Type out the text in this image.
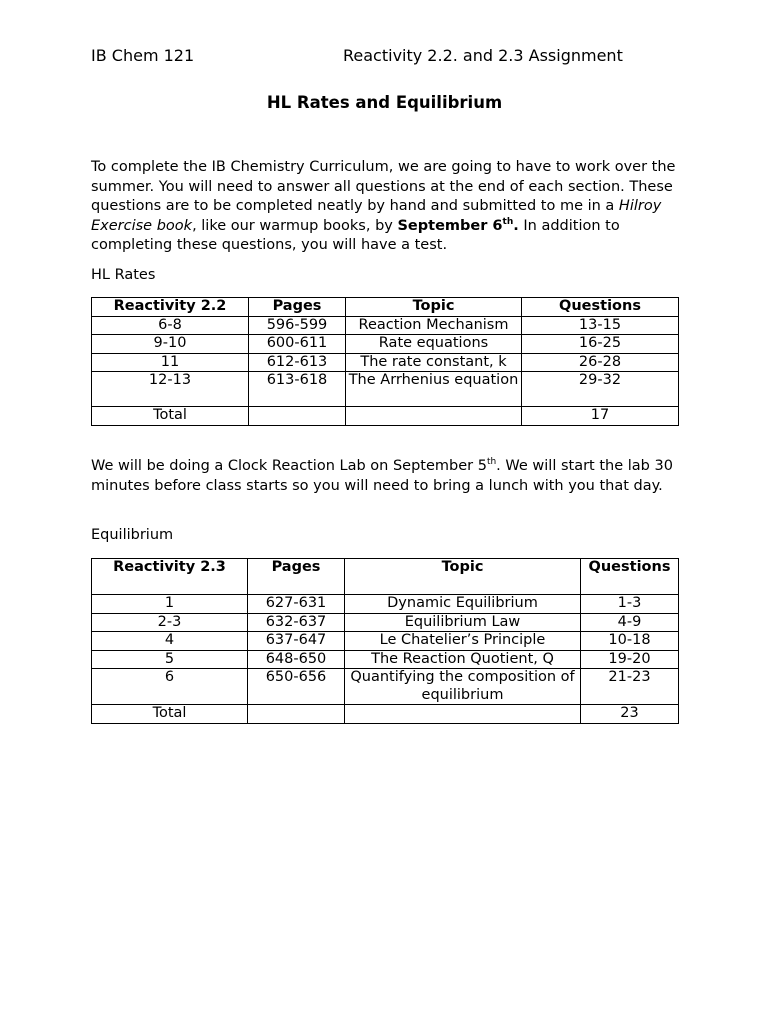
IB Chem 121	Reactivity 2.2. and 2.3 Assignment
HL Rates and Equilibrium

To complete the IB Chemistry Curriculum, we are going to have to work over the summer. You will need to answer all questions at the end of each section. These questions are to be completed neatly by hand and submitted to me in a Hilroy Exercise book, like our warmup books, by September 6th. In addition to completing these questions, you will have a test.

HL Rates

Reactivity 2.2	Pages	Topic	Questions
6-8	596-599	Reaction Mechanism	13-15
9-10	600-611	Rate equations	16-25
11	612-613	The rate constant, k	26-28
12-13	613-618	The Arrhenius equation	29-32
Total			17

We will be doing a Clock Reaction Lab on September 5th. We will start the lab 30 minutes before class starts so you will need to bring a lunch with you that day.

Equilibrium

Reactivity 2.3	Pages	Topic	Questions
1	627-631	Dynamic Equilibrium	1-3
2-3	632-637	Equilibrium Law	4-9
4	637-647	Le Chatelier’s Principle	10-18
5	648-650	The Reaction Quotient, Q	19-20
6	650-656	Quantifying the composition of equilibrium	21-23
Total			23
